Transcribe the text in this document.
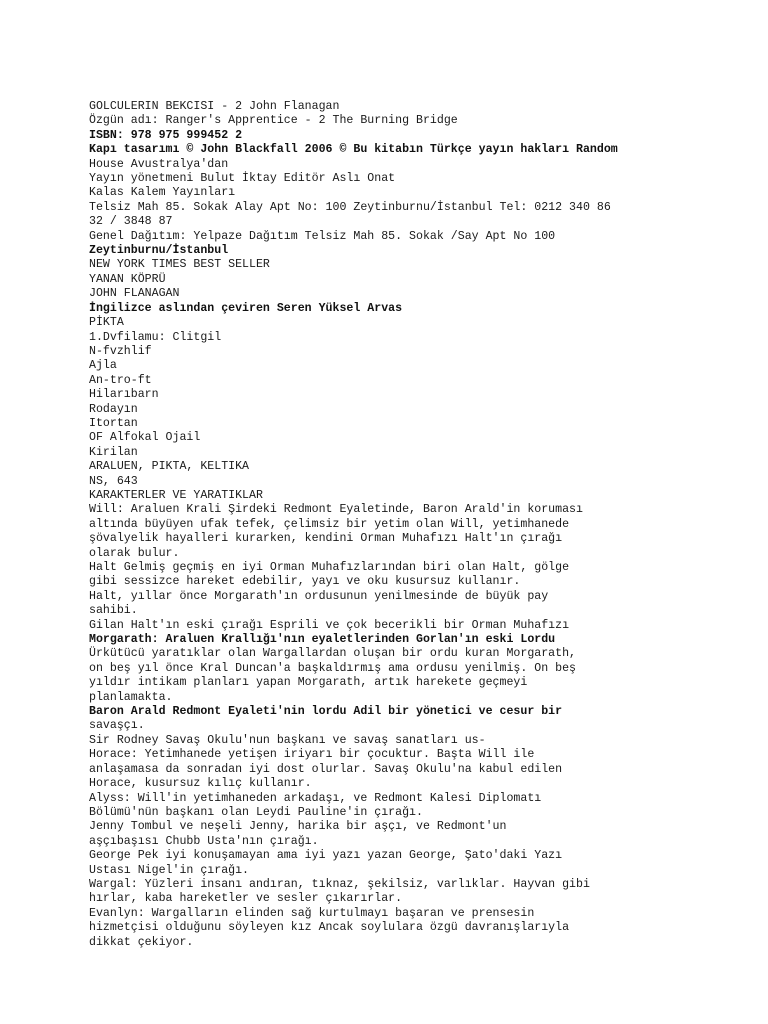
GOLCULERIN BEKCISI - 2 John Flanagan
Özgün adı: Ranger's Apprentice - 2 The Burning Bridge
ISBN: 978 975 999452 2
Kapı tasarımı © John Blackfall 2006 © Bu kitabın Türkçe yayın hakları Random
House Avustralya'dan
Yayın yönetmeni Bulut İktay Editör Aslı Onat
Kalas Kalem Yayınları
Telsiz Mah 85. Sokak Alay Apt No: 100 Zeytinburnu/İstanbul Tel: 0212 340 86
32 / 3848 87
Genel Dağıtım: Yelpaze Dağıtım Telsiz Mah 85. Sokak /Say Apt No 100
Zeytinburnu/İstanbul
NEW YORK TIMES BEST SELLER
YANAN KÖPRÜ
JOHN FLANAGAN
İngilizce aslından çeviren Seren Yüksel Arvas
PİKTA
1.Dvfilamu: Clitgil
N-fvzhlif
Ajla
An-tro-ft
Hilarıbarn
Rodayın
Itortan
OF Alfokal Ojail
Kirilan
ARALUEN, PIKTA, KELTIKA
NS, 643
KARAKTERLER VE YARATIKLAR
Will: Araluen Krali Şirdeki Redmont Eyaletinde, Baron Arald'in koruması
altında büyüyen ufak tefek, çelimsiz bir yetim olan Will, yetimhanede
şövalyelik hayalleri kurarken, kendini Orman Muhafızı Halt'ın çırağı
olarak bulur.
Halt Gelmiş geçmiş en iyi Orman Muhafızlarından biri olan Halt, gölge
gibi sessizce hareket edebilir, yayı ve oku kusursuz kullanır.
Halt, yıllar önce Morgarath'ın ordusunun yenilmesinde de büyük pay
sahibi.
Gilan Halt'ın eski çırağı Esprili ve çok becerikli bir Orman Muhafızı
Morgarath: Araluen Krallığı'nın eyaletlerinden Gorlan'ın eski Lordu
Ürkütücü yaratıklar olan Wargallardan oluşan bir ordu kuran Morgarath,
on beş yıl önce Kral Duncan'a başkaldırmış ama ordusu yenilmiş. On beş
yıldır intikam planları yapan Morgarath, artık harekete geçmeyi
planlamakta.
Baron Arald Redmont Eyaleti'nin lordu Adil bir yönetici ve cesur bir
savaşçı.
Sir Rodney Savaş Okulu'nun başkanı ve savaş sanatları us-
Horace: Yetimhanede yetişen iriyarı bir çocuktur. Başta Will ile
anlaşamasa da sonradan iyi dost olurlar. Savaş Okulu'na kabul edilen
Horace, kusursuz kılıç kullanır.
Alyss: Will'in yetimhaneden arkadaşı, ve Redmont Kalesi Diplomatı
Bölümü'nün başkanı olan Leydi Pauline'in çırağı.
Jenny Tombul ve neşeli Jenny, harika bir aşçı, ve Redmont'un
aşçıbaşısı Chubb Usta'nın çırağı.
George Pek iyi konuşamayan ama iyi yazı yazan George, Şato'daki Yazı
Ustası Nigel'in çırağı.
Wargal: Yüzleri insanı andıran, tıknaz, şekilsiz, varlıklar. Hayvan gibi
hırlar, kaba hareketler ve sesler çıkarırlar.
Evanlyn: Wargalların elinden sağ kurtulmayı başaran ve prensesin
hizmetçisi olduğunu söyleyen kız Ancak soylulara özgü davranışlarıyla
dikkat çekiyor.
